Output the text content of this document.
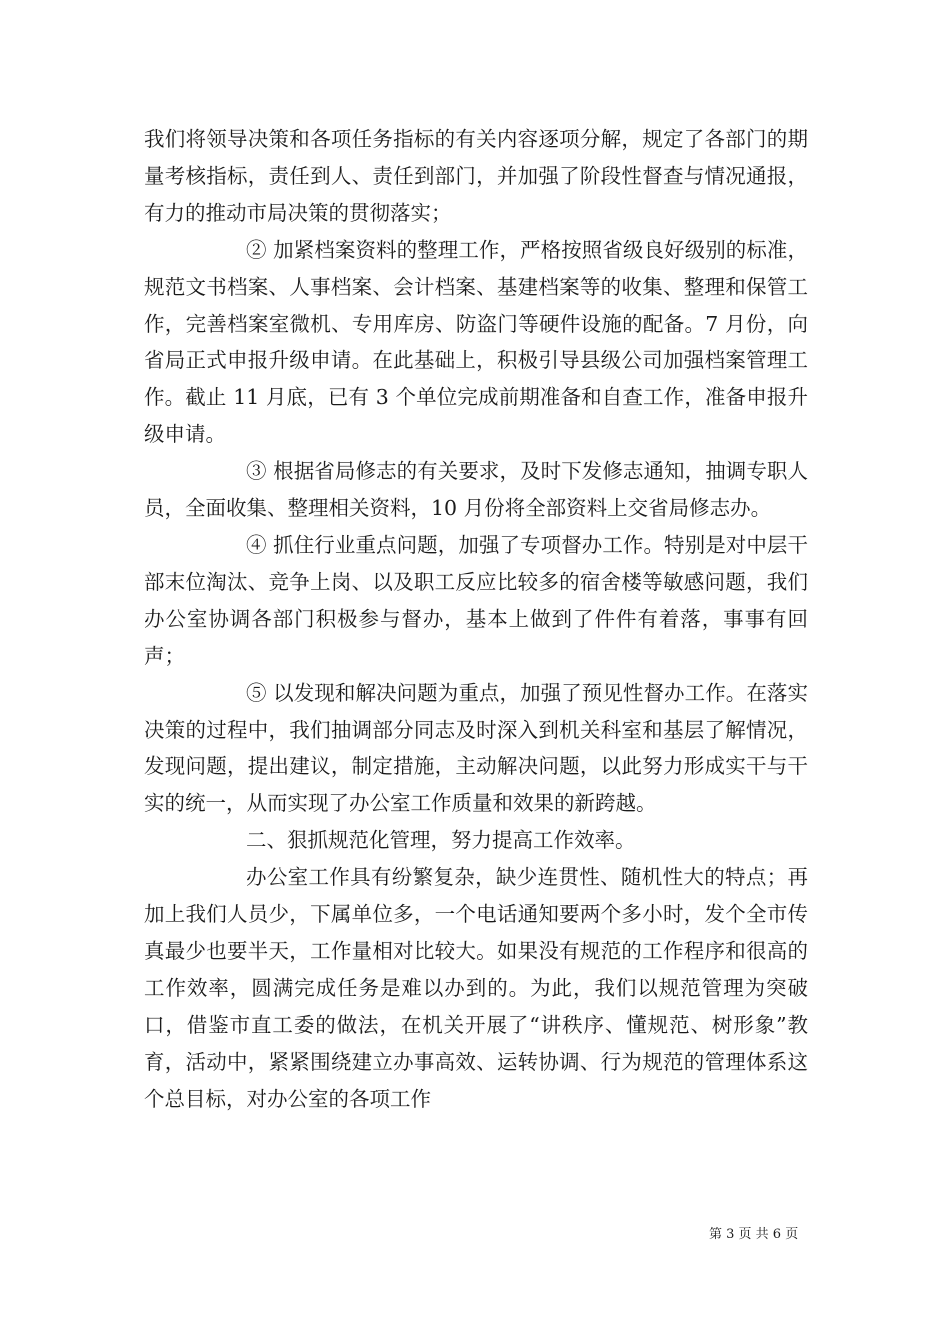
我们将领导决策和各项任务指标的有关内容逐项分解，规定了各部门的期量考核指标，责任到人、责任到部门，并加强了阶段性督查与情况通报，有力的推动市局决策的贯彻落实；

② 加紧档案资料的整理工作，严格按照省级良好级别的标准，规范文书档案、人事档案、会计档案、基建档案等的收集、整理和保管工作，完善档案室微机、专用库房、防盗门等硬件设施的配备。7 月份，向省局正式申报升级申请。在此基础上，积极引导县级公司加强档案管理工作。截止 11 月底，已有 3 个单位完成前期准备和自查工作，准备申报升级申请。

③ 根据省局修志的有关要求，及时下发修志通知，抽调专职人员，全面收集、整理相关资料，10 月份将全部资料上交省局修志办。

④ 抓住行业重点问题，加强了专项督办工作。特别是对中层干部末位淘汰、竞争上岗、以及职工反应比较多的宿舍楼等敏感问题，我们办公室协调各部门积极参与督办，基本上做到了件件有着落，事事有回声；

⑤ 以发现和解决问题为重点，加强了预见性督办工作。在落实决策的过程中，我们抽调部分同志及时深入到机关科室和基层了解情况，发现问题，提出建议，制定措施，主动解决问题，以此努力形成实干与干实的统一，从而实现了办公室工作质量和效果的新跨越。

二、狠抓规范化管理，努力提高工作效率。

办公室工作具有纷繁复杂，缺少连贯性、随机性大的特点；再加上我们人员少，下属单位多，一个电话通知要两个多小时，发个全市传真最少也要半天，工作量相对比较大。如果没有规范的工作程序和很高的工作效率，圆满完成任务是难以办到的。为此，我们以规范管理为突破口，借鉴市直工委的做法，在机关开展了“讲秩序、懂规范、树形象”教育，活动中，紧紧围绕建立办事高效、运转协调、行为规范的管理体系这个总目标，对办公室的各项工作

第 3 页 共 6 页
